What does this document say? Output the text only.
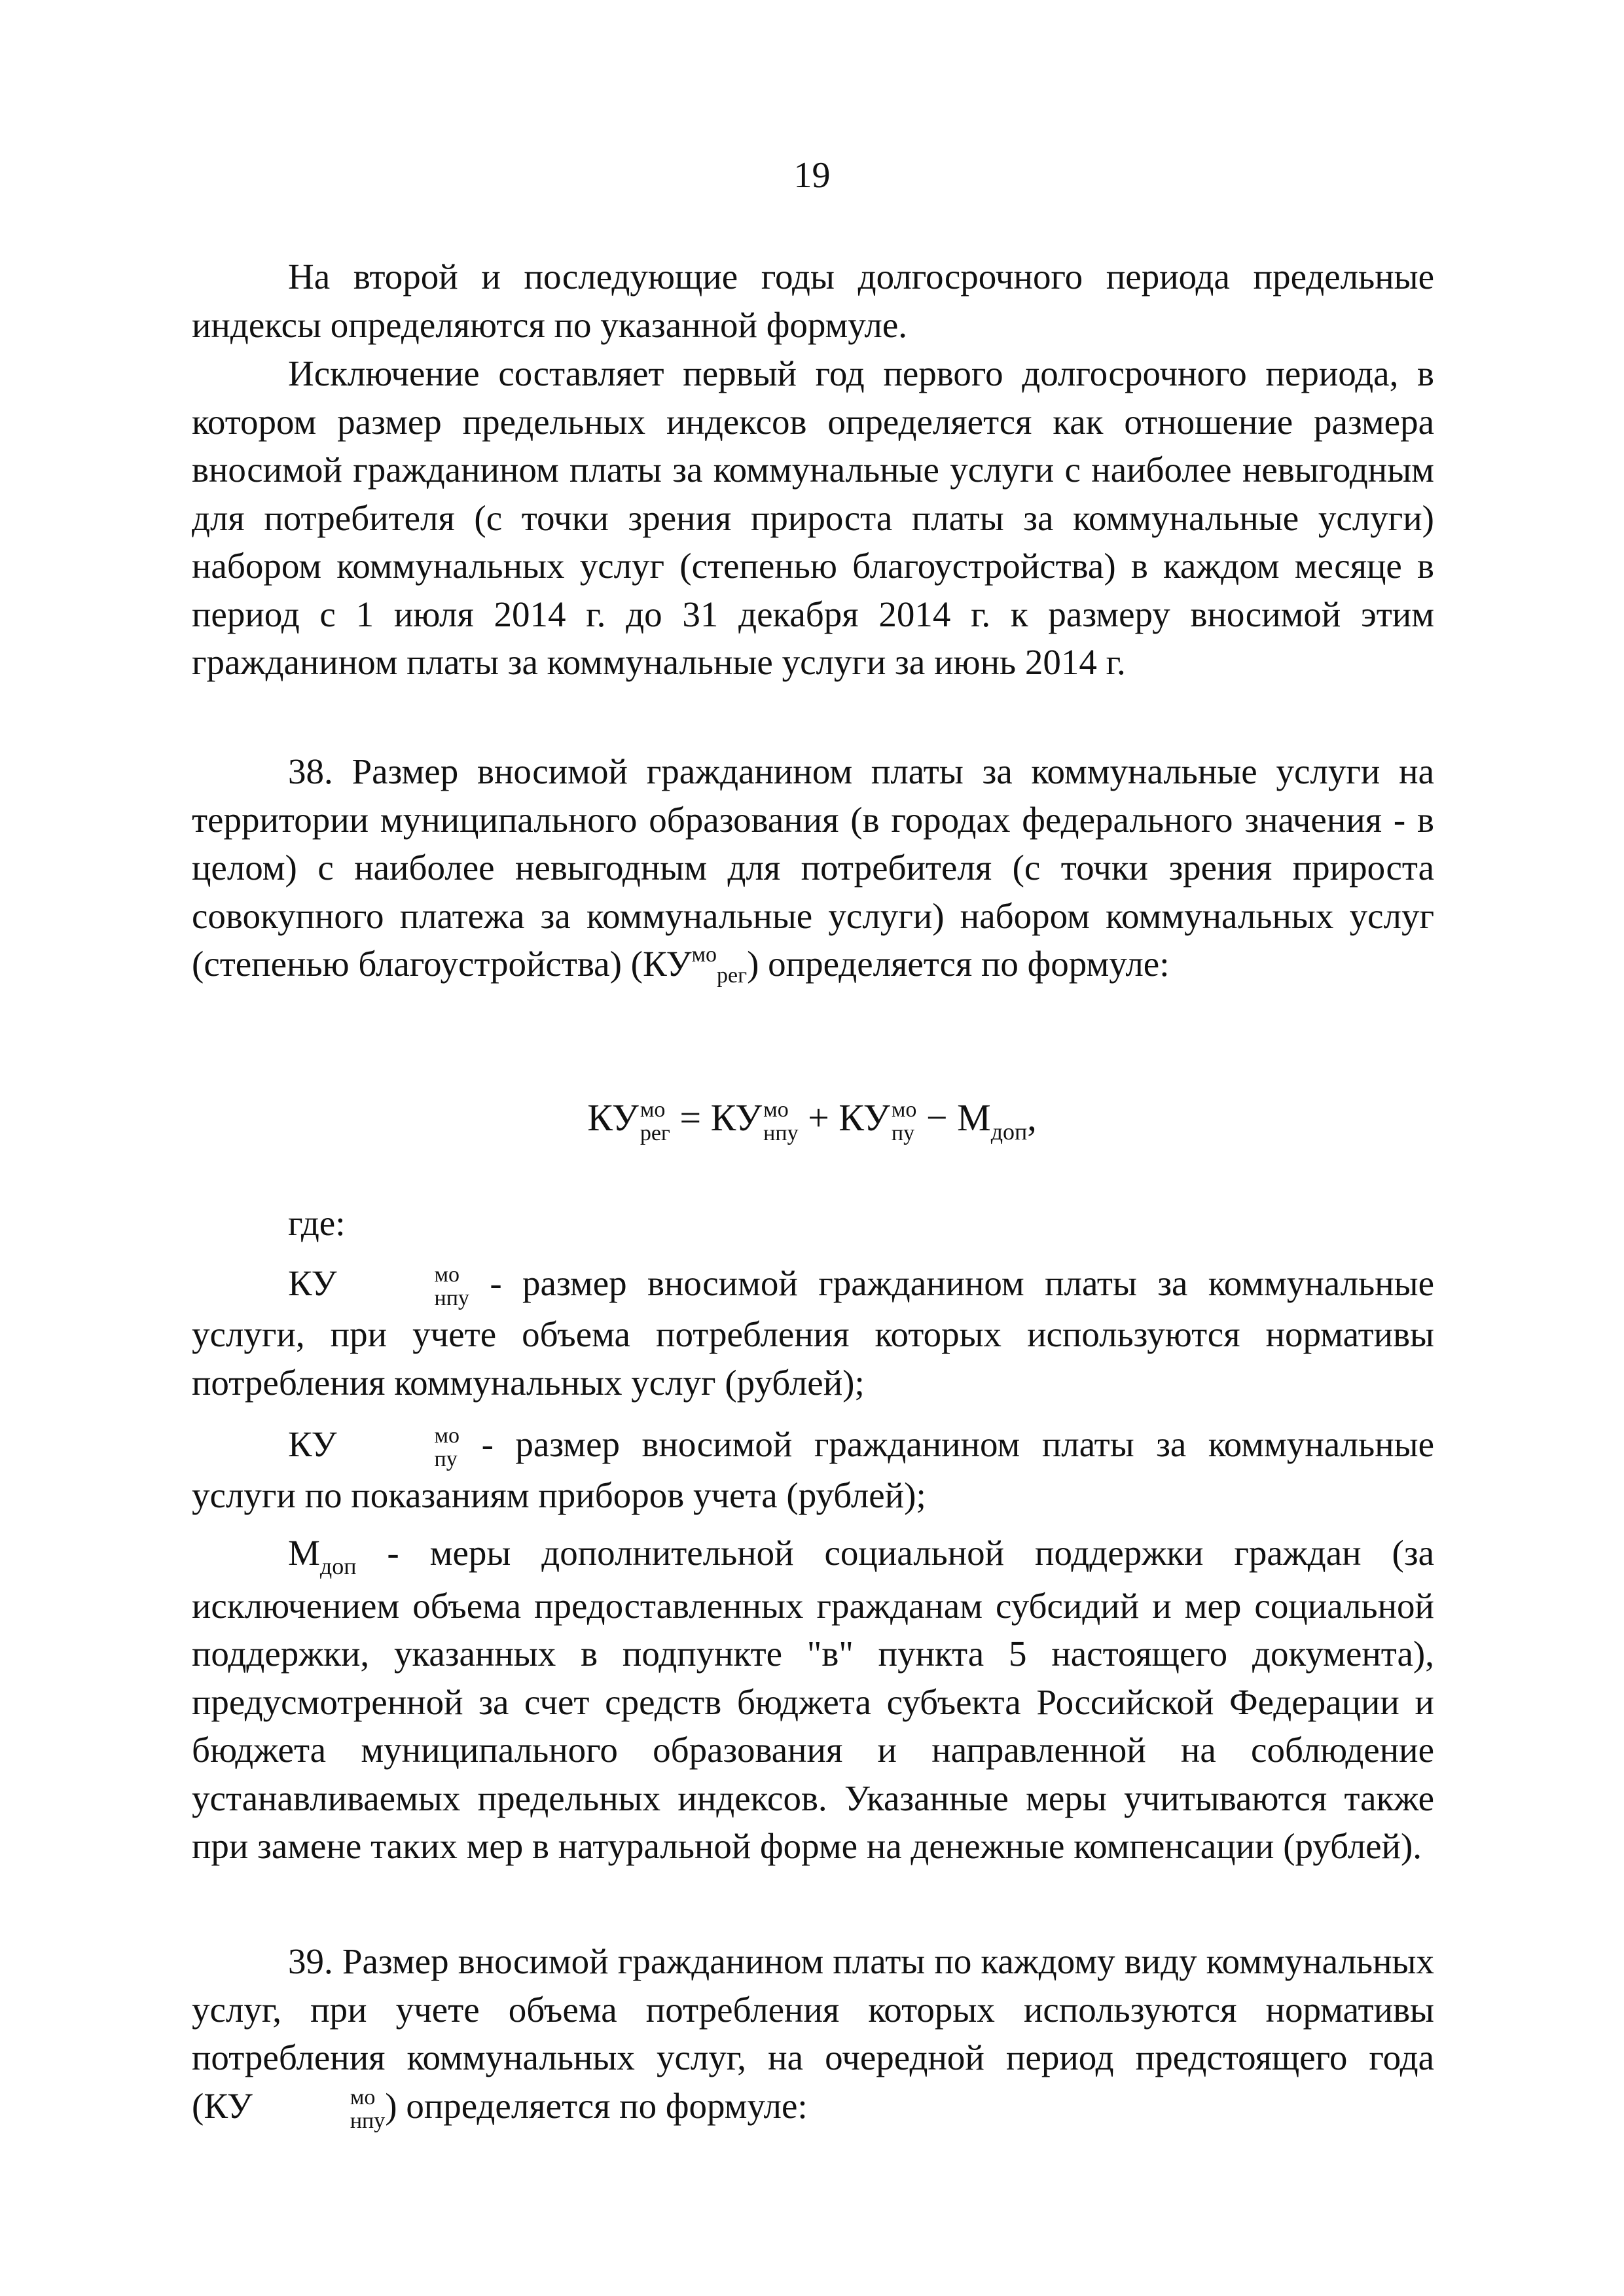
19

На второй и последующие годы долгосрочного периода предельные индексы определяются по указанной формуле.

Исключение составляет первый год первого долгосрочного периода, в котором размер предельных индексов определяется как отношение размера вносимой гражданином платы за коммунальные услуги с наиболее невыгодным для потребителя (с точки зрения прироста платы за коммунальные услуги) набором коммунальных услуг (степенью благоустройства) в каждом месяце в период с 1 июля 2014 г. до 31 декабря 2014 г. к размеру вносимой этим гражданином платы за коммунальные услуги за июнь 2014 г.

38. Размер вносимой гражданином платы за коммунальные услуги на территории муниципального образования (в городах федерального значения - в целом) с наиболее невыгодным для потребителя (с точки зрения прироста совокупного платежа за коммунальные услуги) набором коммунальных услуг (степенью благоустройства) $(КУ^{мо}рег)$ определяется по формуле:

КУ мо
рег = КУ мо
нпу + КУ мо
пу − $М_{доп}$,

где:

КУ	мо
нпу - размер вносимой гражданином платы за коммунальные услуги, при учете объема потребления которых используются нормативы потребления коммунальных услуг (рублей);

КУ	мо
пу - размер вносимой гражданином платы за коммунальные услуги по показаниям приборов учета (рублей);

$М_{доп}$ - меры дополнительной социальной поддержки граждан (за исключением объема предоставленных гражданам субсидий и мер социальной поддержки, указанных в подпункте "в" пункта 5 настоящего документа), предусмотренной за счет средств бюджета субъекта Российской Федерации и бюджета муниципального образования и направленной на соблюдение устанавливаемых предельных индексов. Указанные меры учитываются также при замене таких мер в натуральной форме на денежные компенсации (рублей).

39. Размер вносимой гражданином платы по каждому виду коммунальных услуг, при учете объема потребления которых используются нормативы потребления коммунальных услуг, на очередной период предстоящего года (КУ	мо
нпу ) определяется по формуле:
